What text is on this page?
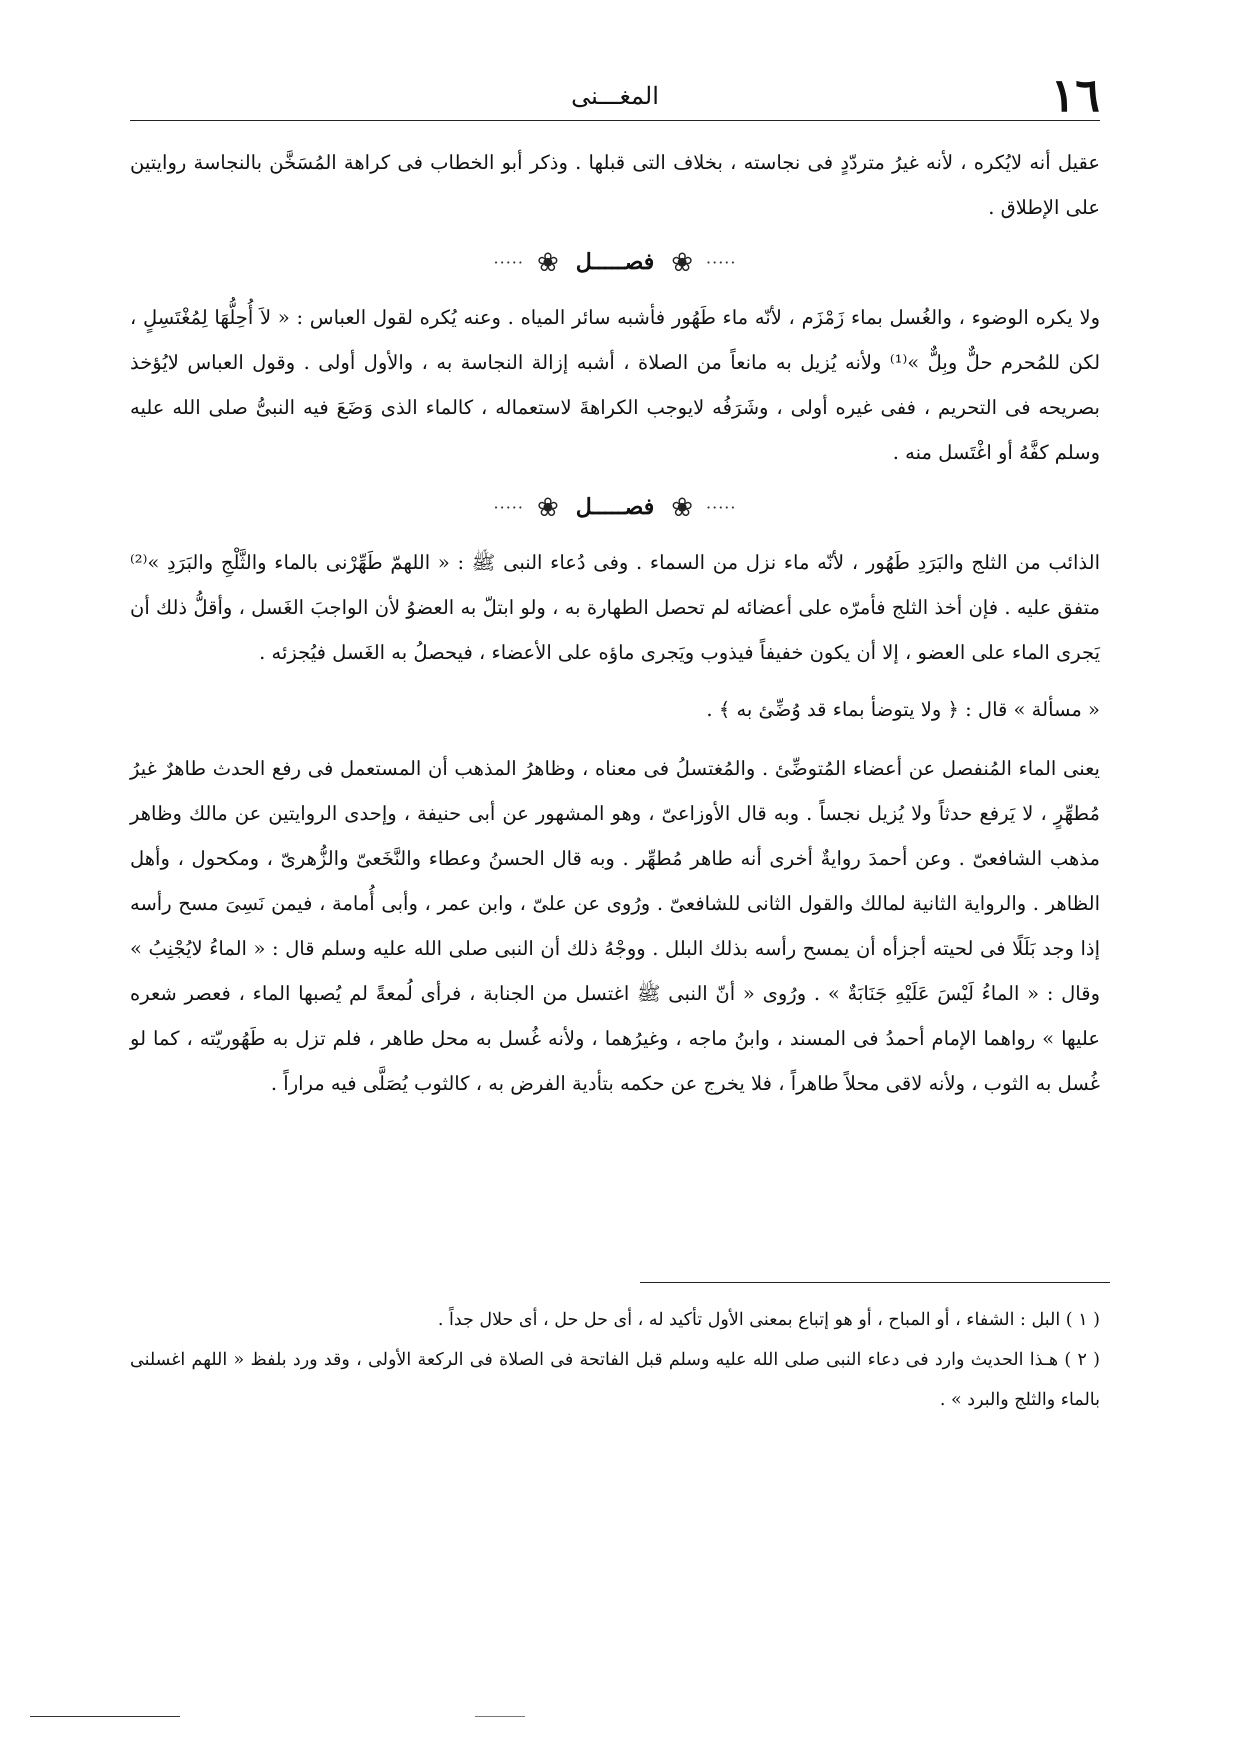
١٦
المغـــنى

عقيل أنه لايُكره ، لأنه غيرُ متردّدٍ فى نجاسته ، بخلاف التى قبلها . وذكر أبو الخطاب فى كراهة المُسَخَّن بالنجاسة روايتين على الإطلاق .

····· ❀ فصـــــل ❀ ·····

ولا يكره الوضوء ، والغُسل بماء زَمْزَم ، لأنّه ماء طَهُور فأشبه سائر المياه . وعنه يُكره لقول العباس : « لاَ أُحِلُّهَا لِمُغْتَسِلٍ ، لكن للمُحرم حلٌّ وبِلٌّ »⁽¹⁾ ولأنه يُزيل به مانعاً من الصلاة ، أشبه إزالة النجاسة به ، والأول أولى . وقول العباس لايُؤخذ بصريحه فى التحريم ، ففى غيره أولى ، وشَرَفُه لايوجب الكراهةَ لاستعماله ، كالماء الذى وَضَعَ فيه النبىُّ صلى الله عليه وسلم كفَّهُ أو اغْتَسل منه .

····· ❀ فصـــــل ❀ ·····

الذائب من الثلج والبَرَدِ طَهُور ، لأنّه ماء نزل من السماء . وفى دُعاء النبى ﷺ : « اللهمّ طَهِّرْنى بالماء والثَّلْجِ والبَرَدِ »⁽²⁾ متفق عليه . فإن أخذ الثلج فأمرّه على أعضائه لم تحصل الطهارة به ، ولو ابتلّ به العضوُ لأن الواجبَ الغَسل ، وأقلُّ ذلك أن يَجرى الماء على العضو ، إلا أن يكون خفيفاً فيذوب ويَجرى ماؤه على الأعضاء ، فيحصلُ به الغَسل فيُجزئه .

« مسألة » قال : ﴿ ولا يتوضأ بماء قد وُضِّئ به ﴾ .

يعنى الماء المُنفصل عن أعضاء المُتوضِّئ . والمُغتسلُ فى معناه ، وظاهرُ المذهب أن المستعمل فى رفع الحدث طاهرٌ غيرُ مُطهِّرٍ ، لا يَرفع حدثاً ولا يُزيل نجساً . وبه قال الأوزاعىّ ، وهو المشهور عن أبى حنيفة ، وإحدى الروايتين عن مالك وظاهر مذهب الشافعىّ . وعن أحمدَ روايةٌ أخرى أنه طاهر مُطهِّر . وبه قال الحسنُ وعطاء والنَّخَعىّ والزُّهرىّ ، ومكحول ، وأهل الظاهر . والرواية الثانية لمالك والقول الثانى للشافعىّ . ورُوى عن علىّ ، وابن عمر ، وأبى أُمامة ، فيمن نَسِىَ مسح رأسه إذا وجد بَلَلًا فى لحيته أجزأه أن يمسح رأسه بذلك البلل . ووجْهُ ذلك أن النبى صلى الله عليه وسلم قال : « الماءُ لايُجْنِبُ » وقال : « الماءُ لَيْسَ عَلَيْهِ جَنَابَةٌ » . ورُوى « أنّ النبى ﷺ اغتسل من الجنابة ، فرأى لُمعةً لم يُصبها الماء ، فعصر شعره عليها » رواهما الإمام أحمدُ فى المسند ، وابنُ ماجه ، وغيرُهما ، ولأنه غُسل به محل طاهر ، فلم تزل به طَهُوريّته ، كما لو غُسل به الثوب ، ولأنه لاقى محلاً طاهراً ، فلا يخرج عن حكمه بتأدية الفرض به ، كالثوب يُصَلَّى فيه مراراً .

( ١ ) البل : الشفاء ، أو المباح ، أو هو إتباع بمعنى الأول تأكيد له ، أى حل حل ، أى حلال جداً .

( ٢ ) هـذا الحديث وارد فى دعاء النبى صلى الله عليه وسلم قبل الفاتحة فى الصلاة فى الركعة الأولى ، وقد ورد بلفظ « اللهم اغسلنى بالماء والثلج والبرد » .
